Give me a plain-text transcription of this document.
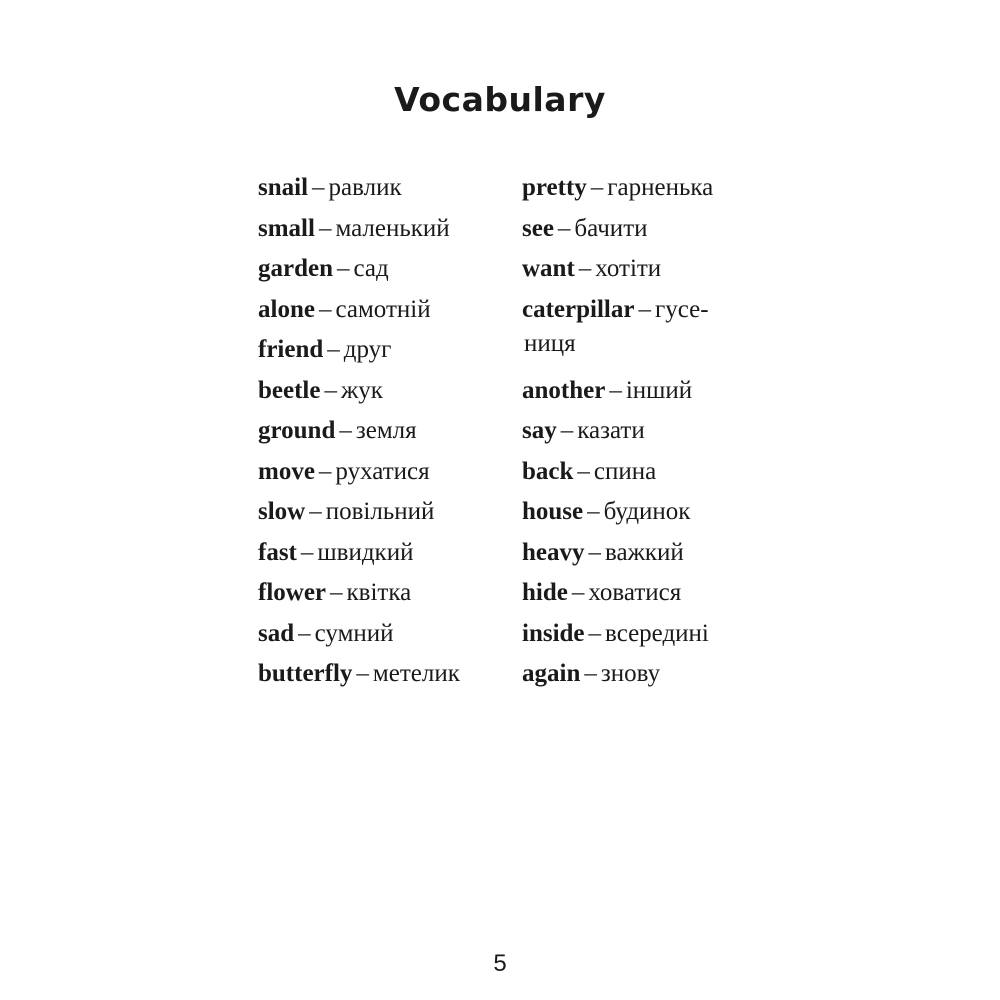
Vocabulary
snail – равлик
small – маленький
garden – сад
alone – самотній
friend – друг
beetle – жук
ground – земля
move – рухатися
slow – повільний
fast – швидкий
flower – квітка
sad – сумний
butterfly – метелик
pretty – гарненька
see – бачити
want – хотіти
caterpillar – гусе-
ниця
another – інший
say – казати
back – спина
house – будинок
heavy – важкий
hide – ховатися
inside – всередині
again – знову
5
